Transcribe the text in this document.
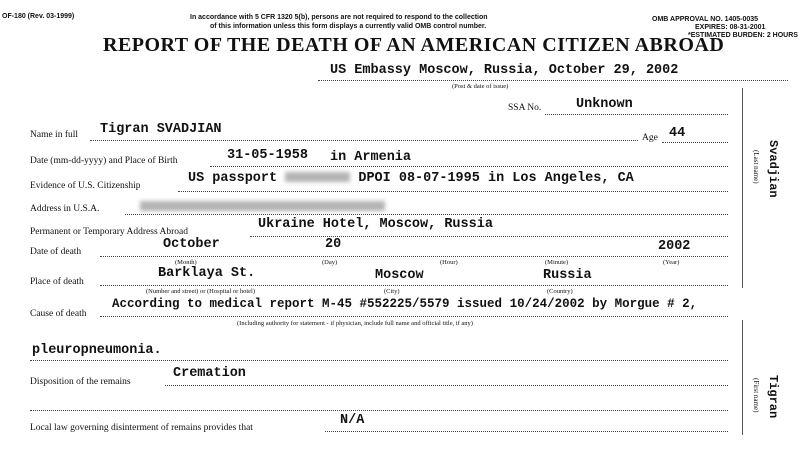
OF-180 (Rev. 03-1999)	In accordance with 5 CFR 1320 5(b), persons are not required to respond to the collection
of this information unless this form displays a currently valid OMB control number.
OMB APPROVAL NO. 1405-0035
EXPIRES: 08-31-2001
*ESTIMATED BURDEN: 2 HOURS
REPORT OF THE DEATH OF AN AMERICAN CITIZEN ABROAD
US Embassy Moscow, Russia, October 29, 2002
(Post & date of issue)
SSA No.	Unknown
Name in full Tigran SVADJIAN
Age 44
Date (mm-dd-yyyy) and Place of Birth	31-05-1958 in Armenia
Evidence of U.S. Citizenship	US passport	DPOI 08-07-1995 in Los Angeles, CA
Address in U.S.A.
Permanent or Temporary Address Abroad	Ukraine Hotel, Moscow, Russia
Date of death	October	20	2002
(Month)	(Day)	(Hour)	(Minute)	(Year)
Place of death
Barklaya St.	Moscow	Russia
(Number and street) or (Hospital or hotel)	(City)	(Country)
Cause of death
According to medical report M-45 #552225/5579 issued 10/24/2002 by Morgue # 2,
(Including authority for statement - if physician, include full name and official title, if any)
pleuropneumonia.
Disposition of the remains
Cremation
Local law governing disinterment of remains provides that	N/A
Svadjian
(Last name)
Tigran
(First name)
